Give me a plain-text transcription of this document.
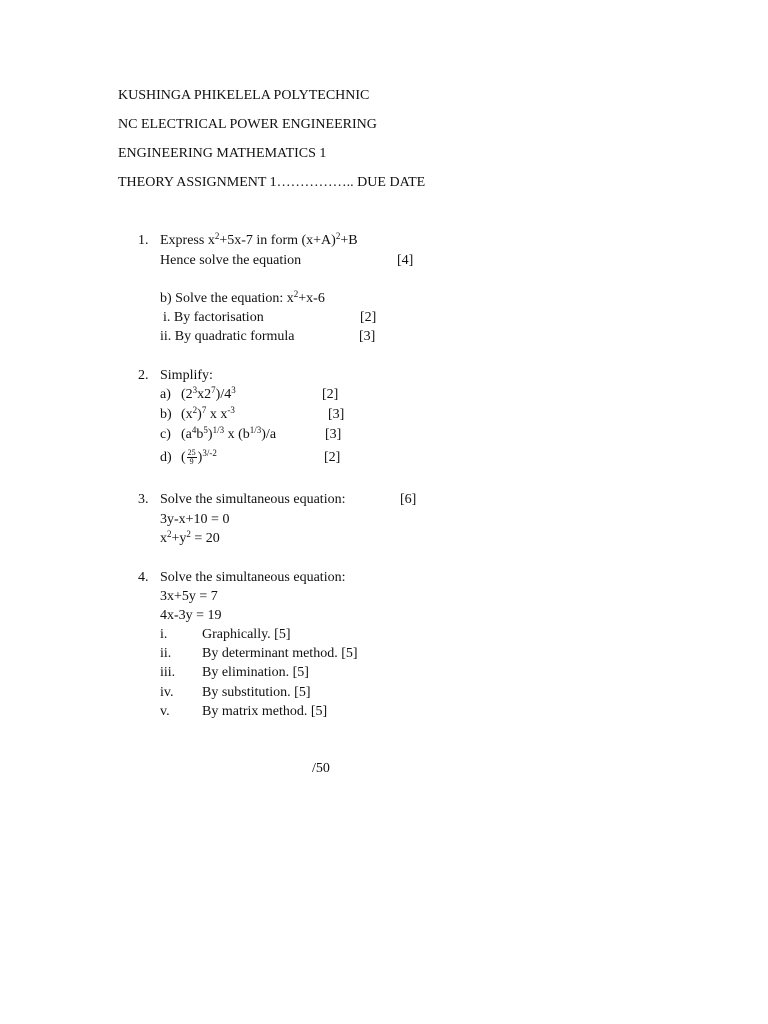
KUSHINGA PHIKELELA POLYTECHNIC
NC ELECTRICAL POWER ENGINEERING
ENGINEERING MATHEMATICS 1
THEORY ASSIGNMENT 1…………….. DUE DATE
1. Express $x^2+5x-7$ in form $(x+A)^2+B$
Hence solve the equation	[4]
b) Solve the equation: $x^2+x-6$
i. By factorisation	[2]
ii. By quadratic formula	[3]
2. Simplify:
a) $(2^3x2^7)/4^3$	[2]
b) $(x^2)^7$ x $x^{-3}$	[3]
c) $(a^4b^5)^{1/3}$ x $(b^{1/3})/a$	[3]
d) ( $\frac{25}{9} )^{3/-2}$	[2]
3. Solve the simultaneous equation:	[6]
3y-x+10 = 0
$x^2+y^2 = 20$
4. Solve the simultaneous equation:
3x+5y = 7
4x-3y = 19
i. Graphically. [5]
ii. By determinant method. [5]
iii. By elimination. [5]
iv. By substitution. [5]
v. By matrix method. [5]
/50
